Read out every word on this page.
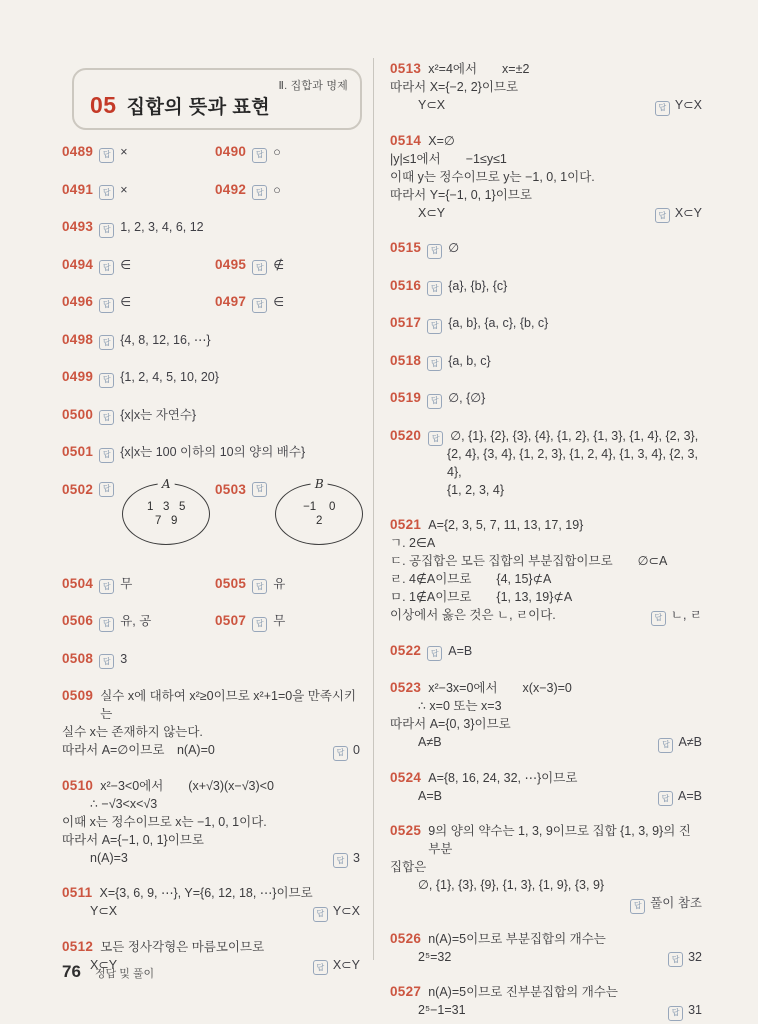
Ⅱ. 집합과 명제
05 집합의 뜻과 표현
0489	답 ×	0490	답 ○
0491	답 ×	0492	답 ○
0493	답 1, 2, 3, 4, 6, 12
0494	답 ∈	0495	답 ∉
0496	답 ∈	0497	답 ∈
0498	답 {4, 8, 12, 16, ⋯}
0499	답 {1, 2, 4, 5, 10, 20}
0500	답 {x|x는 자연수}
0501	답 {x|x는 100 이하의 10의 양의 배수}
0502	답	A
1   3   5
7   9
0503	답	B
−1    0
2
0504	답 무	0505	답 유
0506	답 유, 공	0507	답 무
0508	답 3
0509 실수 x에 대하여 x²≥0이므로 x²+1=0을 만족시키는
실수 x는 존재하지 않는다.
따라서 A=∅이므로　n(A)=0	답 0
0510 x²−3<0에서　　(x+√3)(x−√3)<0
∴ −√3<x<√3
이때 x는 정수이므로 x는 −1, 0, 1이다.
따라서 A={−1, 0, 1}이므로
n(A)=3	답 3
0511 X={3, 6, 9, ⋯}, Y={6, 12, 18, ⋯}이므로
Y⊂X	답 Y⊂X
0512 모든 정사각형은 마름모이므로
X⊂Y	답 X⊂Y
0513 x²=4에서　　x=±2
따라서 X={−2, 2}이므로
Y⊂X	답 Y⊂X
0514 X=∅
|y|≤1에서　　−1≤y≤1
이때 y는 정수이므로 y는 −1, 0, 1이다.
따라서 Y={−1, 0, 1}이므로
X⊂Y	답 X⊂Y
0515	답 ∅
0516	답 {a}, {b}, {c}
0517	답 {a, b}, {a, c}, {b, c}
0518	답 {a, b, c}
0519	답 ∅, {∅}
0520	답 ∅, {1}, {2}, {3}, {4}, {1, 2}, {1, 3}, {1, 4}, {2, 3},
{2, 4}, {3, 4}, {1, 2, 3}, {1, 2, 4}, {1, 3, 4}, {2, 3, 4},
{1, 2, 3, 4}
0521 A={2, 3, 5, 7, 11, 13, 17, 19}
ㄱ. 2∈A
ㄷ. 공집합은 모든 집합의 부분집합이므로　　∅⊂A
ㄹ. 4∉A이므로　　{4, 15}⊄A
ㅁ. 1∉A이므로　　{1, 13, 19}⊄A
이상에서 옳은 것은 ㄴ, ㄹ이다.	답 ㄴ, ㄹ
0522	답 A=B
0523 x²−3x=0에서　　x(x−3)=0
∴ x=0 또는 x=3
따라서 A={0, 3}이므로
A≠B	답 A≠B
0524 A={8, 16, 24, 32, ⋯}이므로
A=B	답 A=B
0525 9의 양의 약수는 1, 3, 9이므로 집합 {1, 3, 9}의 진부분
집합은
∅, {1}, {3}, {9}, {1, 3}, {1, 9}, {3, 9}
답 풀이 참조
0526 n(A)=5이므로 부분집합의 개수는
2⁵=32	답 32
0527 n(A)=5이므로 진부분집합의 개수는
2⁵−1=31	답 31
76 정답 및 풀이
